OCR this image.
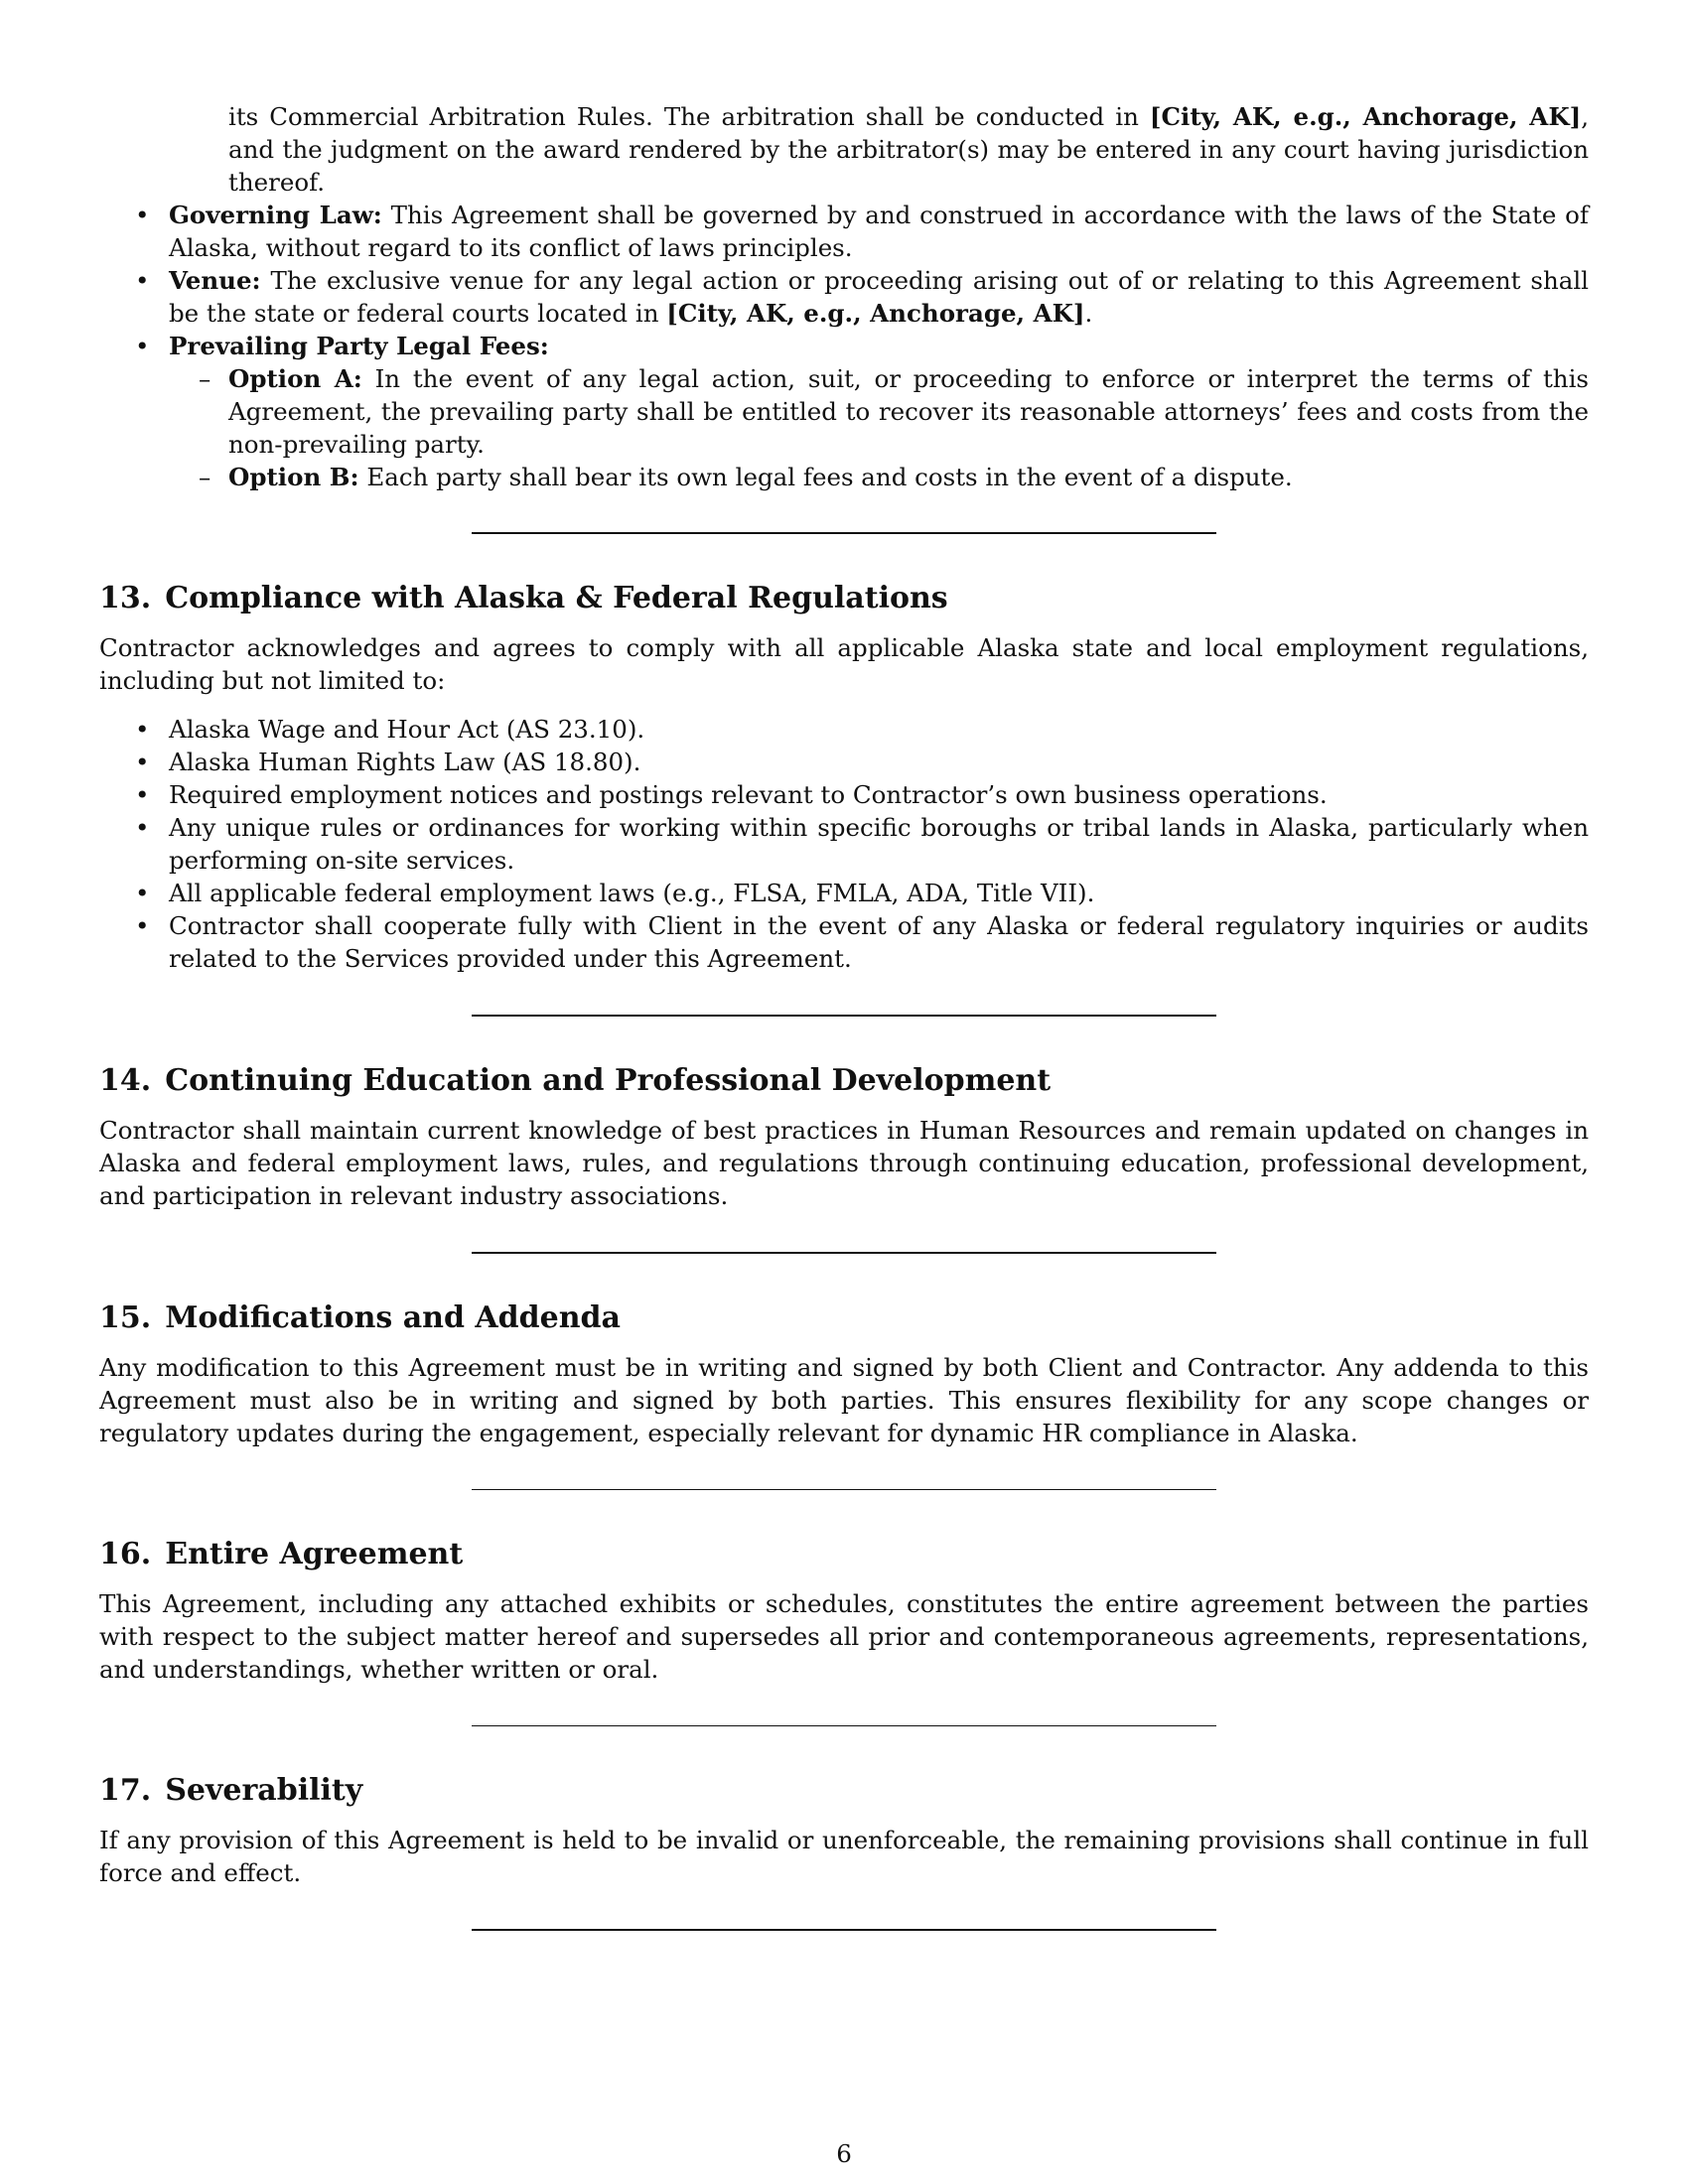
its Commercial Arbitration Rules. The arbitration shall be conducted in [City, AK, e.g., Anchorage, AK], and the judgment on the award rendered by the arbitrator(s) may be entered in any court having jurisdiction thereof.

• Governing Law: This Agreement shall be governed by and construed in accordance with the laws of the State of Alaska, without regard to its conflict of laws principles.
• Venue: The exclusive venue for any legal action or proceeding arising out of or relating to this Agreement shall be the state or federal courts located in [City, AK, e.g., Anchorage, AK].
• Prevailing Party Legal Fees:
– Option A: In the event of any legal action, suit, or proceeding to enforce or interpret the terms of this Agreement, the prevailing party shall be entitled to recover its reasonable attorneys’ fees and costs from the non-prevailing party.
– Option B: Each party shall bear its own legal fees and costs in the event of a dispute.
13. Compliance with Alaska & Federal Regulations

Contractor acknowledges and agrees to comply with all applicable Alaska state and local employment regulations, including but not limited to:

• Alaska Wage and Hour Act (AS 23.10).
• Alaska Human Rights Law (AS 18.80).
• Required employment notices and postings relevant to Contractor’s own business operations.
• Any unique rules or ordinances for working within specific boroughs or tribal lands in Alaska, particularly when performing on-site services.
• All applicable federal employment laws (e.g., FLSA, FMLA, ADA, Title VII).
• Contractor shall cooperate fully with Client in the event of any Alaska or federal regulatory inquiries or audits related to the Services provided under this Agreement.
14. Continuing Education and Professional Development

Contractor shall maintain current knowledge of best practices in Human Resources and remain updated on changes in Alaska and federal employment laws, rules, and regulations through continuing education, professional development, and participation in relevant industry associations.

15. Modifications and Addenda

Any modification to this Agreement must be in writing and signed by both Client and Contractor. Any addenda to this Agreement must also be in writing and signed by both parties. This ensures flexibility for any scope changes or regulatory updates during the engagement, especially relevant for dynamic HR compliance in Alaska.

16. Entire Agreement

This Agreement, including any attached exhibits or schedules, constitutes the entire agreement between the parties with respect to the subject matter hereof and supersedes all prior and contemporaneous agreements, representations, and understandings, whether written or oral.

17. Severability

If any provision of this Agreement is held to be invalid or unenforceable, the remaining provisions shall continue in full force and effect.

6
